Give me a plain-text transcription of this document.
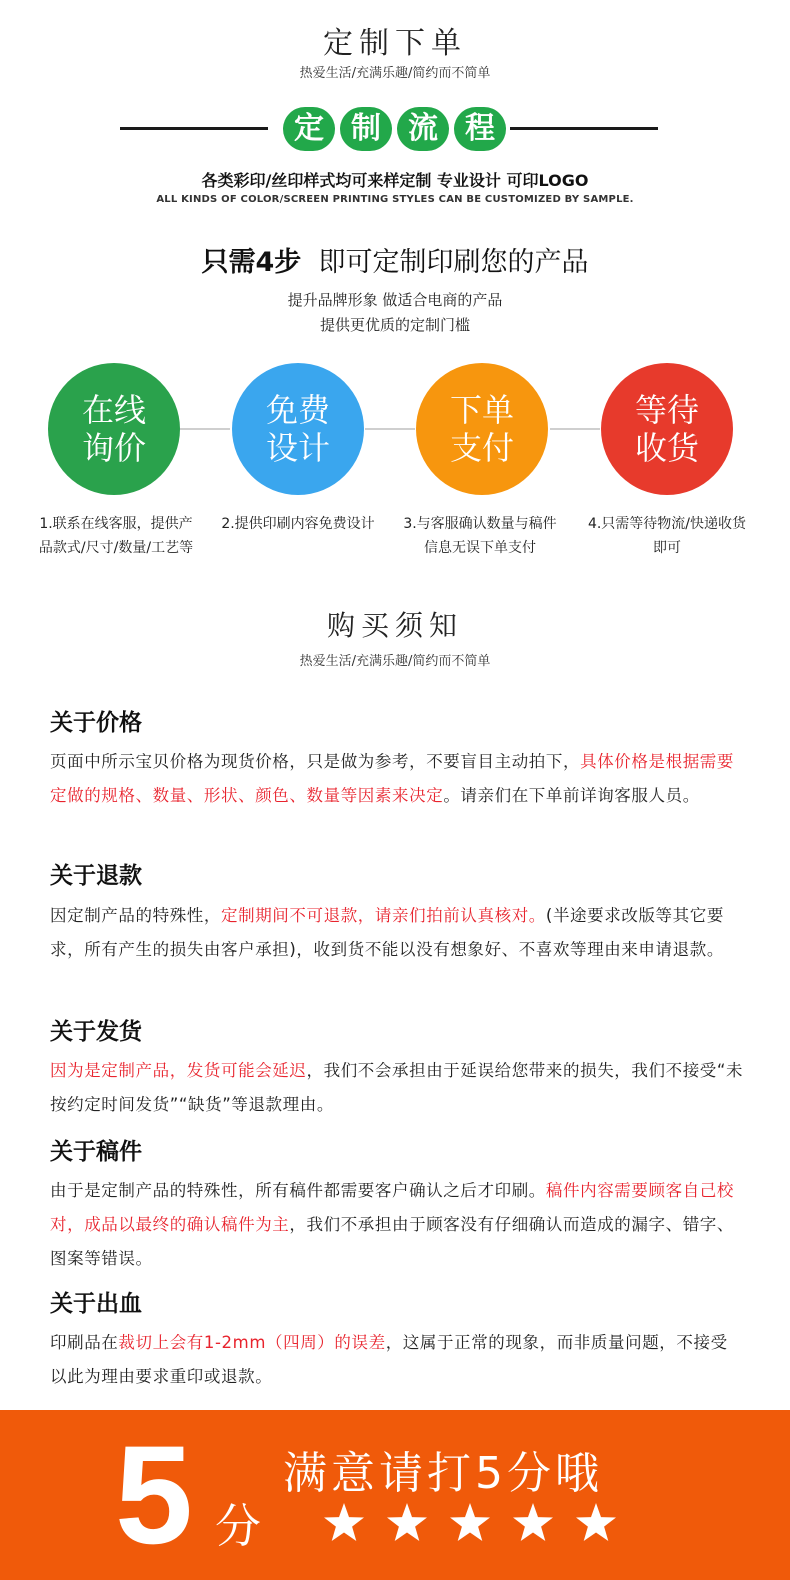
定制下单
热爱生活/充满乐趣/简约而不简单
定 制 流 程
各类彩印/丝印样式均可来样定制 专业设计 可印LOGO
ALL KINDS OF COLOR/SCREEN PRINTING STYLES CAN BE CUSTOMIZED BY SAMPLE.
只需4步 即可定制印刷您的产品
提升品牌形象 做适合电商的产品
提供更优质的定制门槛
在线
询价
免费
设计
下单
支付
等待
收货
1.联系在线客服，提供产品款式/尺寸/数量/工艺等
2.提供印刷内容免费设计 3.与客服确认数量与稿件信息无误下单支付
4.只需等待物流/快递收货即可
购买须知
热爱生活/充满乐趣/简约而不简单
关于价格
页面中所示宝贝价格为现货价格，只是做为参考，不要盲目主动拍下，具体价格是根据需要定做的规格、数量、形状、颜色、数量等因素来决定。请亲们在下单前详询客服人员。
关于退款
因定制产品的特殊性，定制期间不可退款，请亲们拍前认真核对。(半途要求改版等其它要求，所有产生的损失由客户承担)，收到货不能以没有想象好、不喜欢等理由来申请退款。
关于发货
因为是定制产品，发货可能会延迟，我们不会承担由于延误给您带来的损失，我们不接受“未按约定时间发货”“缺货”等退款理由。
关于稿件
由于是定制产品的特殊性，所有稿件都需要客户确认之后才印刷。稿件内容需要顾客自己校对，成品以最终的确认稿件为主，我们不承担由于顾客没有仔细确认而造成的漏字、错字、图案等错误。
关于出血
印刷品在裁切上会有1-2mm（四周）的误差，这属于正常的现象，而非质量问题，不接受以此为理由要求重印或退款。
5 分
满意请打5分哦
